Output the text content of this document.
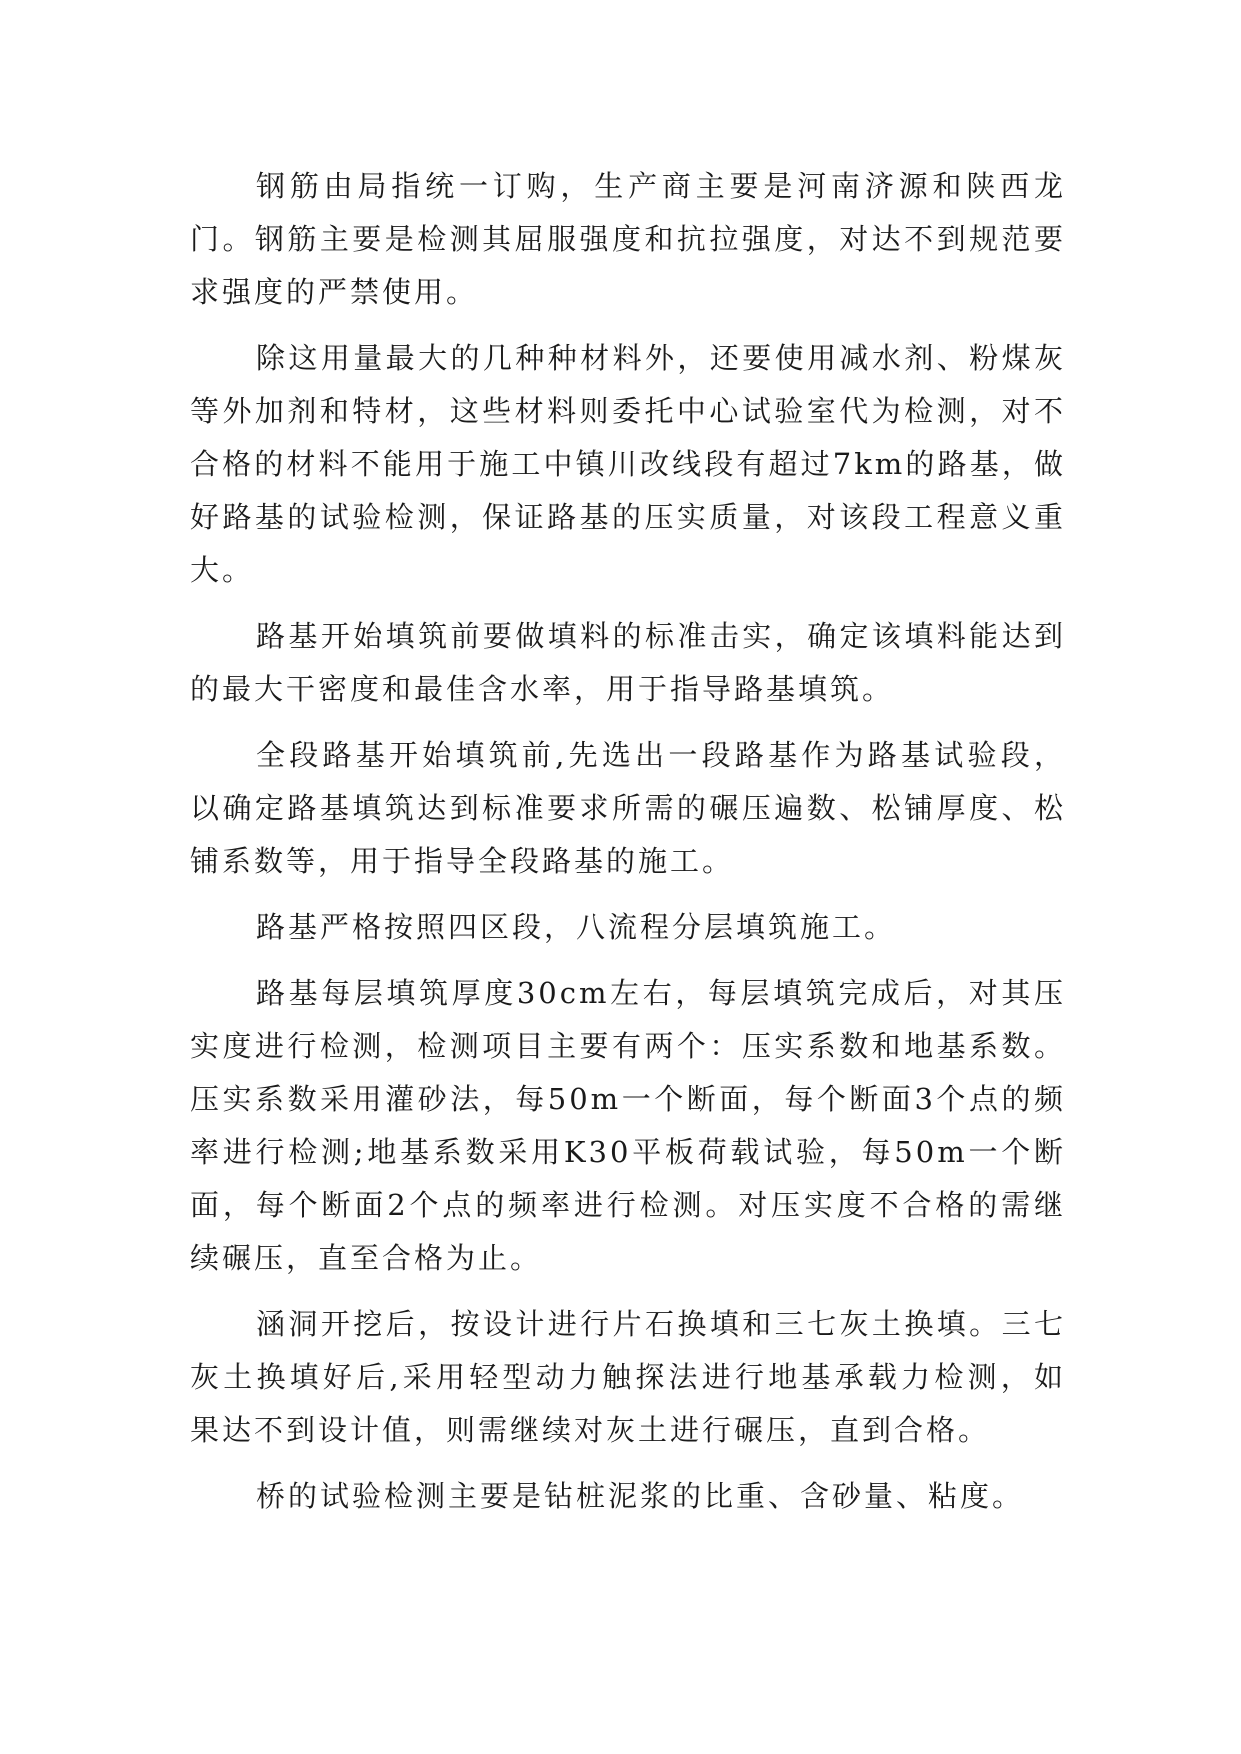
钢筋由局指统一订购，生产商主要是河南济源和陕西龙门。钢筋主要是检测其屈服强度和抗拉强度，对达不到规范要求强度的严禁使用。

除这用量最大的几种种材料外，还要使用减水剂、粉煤灰等外加剂和特材，这些材料则委托中心试验室代为检测，对不合格的材料不能用于施工中镇川改线段有超过7km的路基，做好路基的试验检测，保证路基的压实质量，对该段工程意义重大。

路基开始填筑前要做填料的标准击实，确定该填料能达到的最大干密度和最佳含水率，用于指导路基填筑。

全段路基开始填筑前,先选出一段路基作为路基试验段，以确定路基填筑达到标准要求所需的碾压遍数、松铺厚度、松铺系数等，用于指导全段路基的施工。

路基严格按照四区段，八流程分层填筑施工。

路基每层填筑厚度30cm左右，每层填筑完成后，对其压实度进行检测，检测项目主要有两个：压实系数和地基系数。压实系数采用灌砂法，每50m一个断面，每个断面3个点的频率进行检测;地基系数采用K30平板荷载试验，每50m一个断面，每个断面2个点的频率进行检测。对压实度不合格的需继续碾压，直至合格为止。

涵洞开挖后，按设计进行片石换填和三七灰土换填。三七灰土换填好后,采用轻型动力触探法进行地基承载力检测，如果达不到设计值，则需继续对灰土进行碾压，直到合格。

桥的试验检测主要是钻桩泥浆的比重、含砂量、粘度。
